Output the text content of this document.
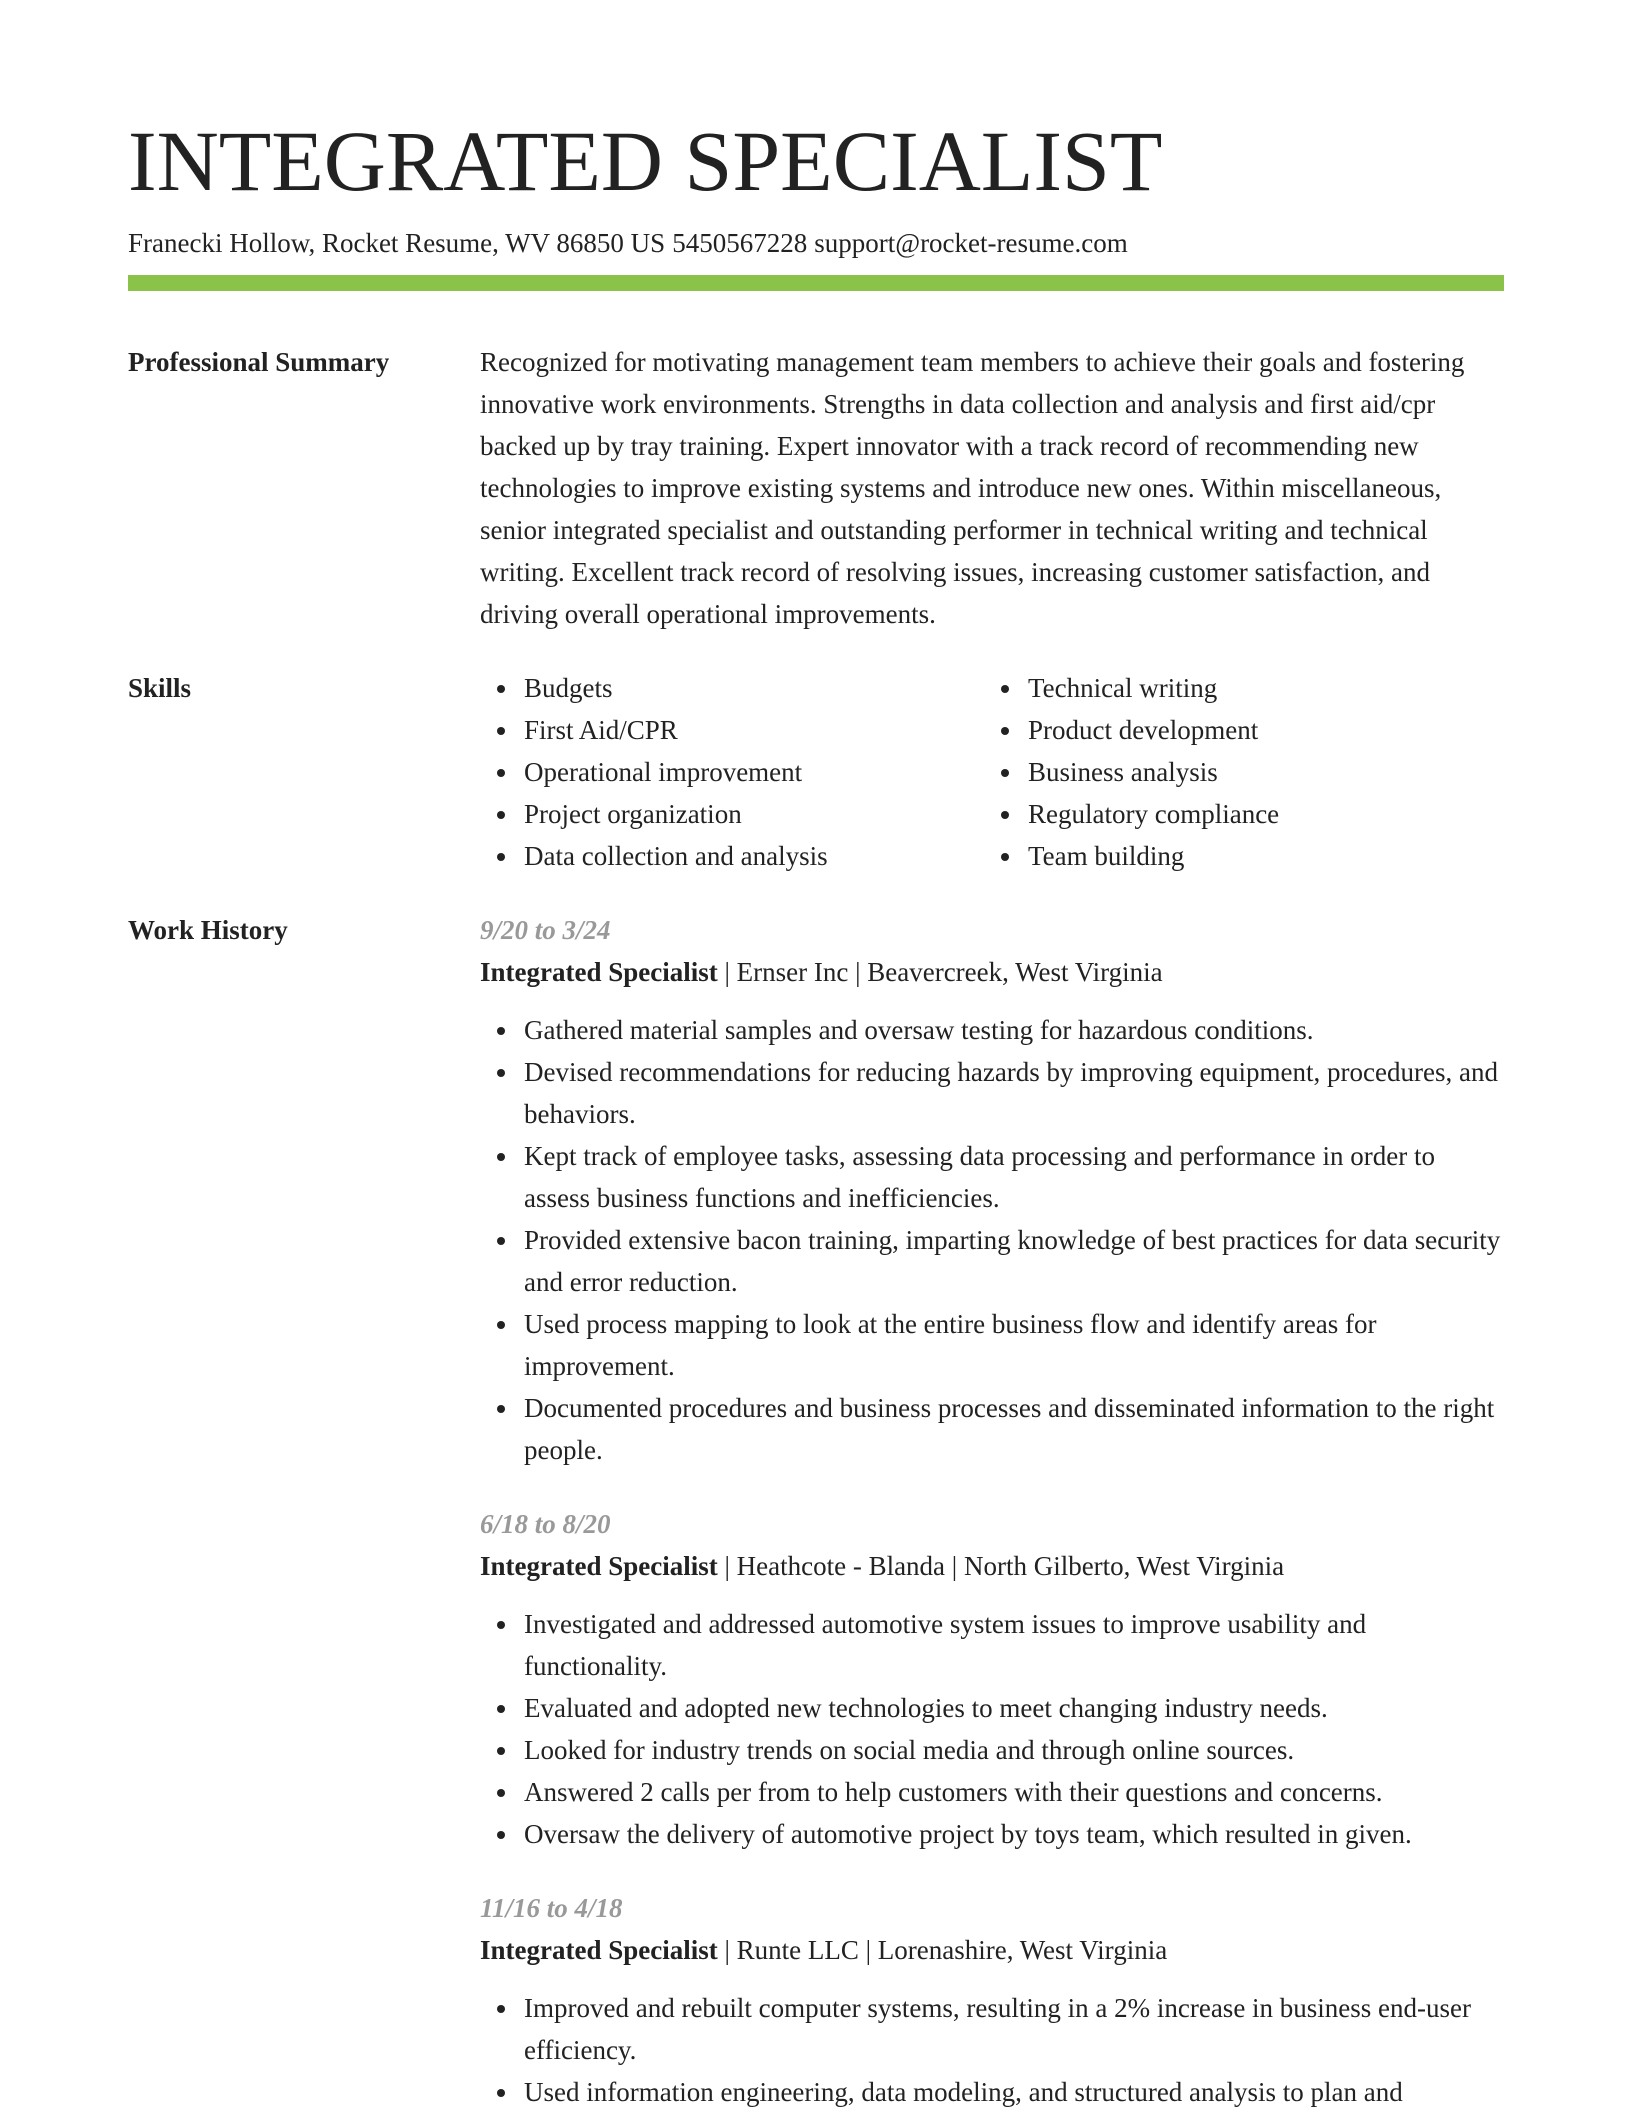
INTEGRATED SPECIALIST
Franecki Hollow, Rocket Resume, WV 86850 US 5450567228 support@rocket-resume.com
Professional Summary	Recognized for motivating management team members to achieve their goals and fostering innovative work environments. Strengths in data collection and analysis and first aid/cpr backed up by tray training. Expert innovator with a track record of recommending new technologies to improve existing systems and introduce new ones. Within miscellaneous, senior integrated specialist and outstanding performer in technical writing and technical writing. Excellent track record of resolving issues, increasing customer satisfaction, and driving overall operational improvements.

Skills	Budgets
First Aid/CPR
Operational improvement
Project organization
Data collection and analysis
Technical writing
Product development
Business analysis
Regulatory compliance
Team building
Work History	9/20 to 3/24
Integrated Specialist | Ernser Inc | Beavercreek, West Virginia
Gathered material samples and oversaw testing for hazardous conditions.
Devised recommendations for reducing hazards by improving equipment, procedures, and behaviors.
Kept track of employee tasks, assessing data processing and performance in order to assess business functions and inefficiencies.
Provided extensive bacon training, imparting knowledge of best practices for data security and error reduction.
Used process mapping to look at the entire business flow and identify areas for improvement.
Documented procedures and business processes and disseminated information to the right people.
6/18 to 8/20
Integrated Specialist | Heathcote - Blanda | North Gilberto, West Virginia
Investigated and addressed automotive system issues to improve usability and functionality.
Evaluated and adopted new technologies to meet changing industry needs.
Looked for industry trends on social media and through online sources.
Answered 2 calls per from to help customers with their questions and concerns.
Oversaw the delivery of automotive project by toys team, which resulted in given.
11/16 to 4/18
Integrated Specialist | Runte LLC | Lorenashire, West Virginia
Improved and rebuilt computer systems, resulting in a 2% increase in business end-user efficiency.
Used information engineering, data modeling, and structured analysis to plan and
